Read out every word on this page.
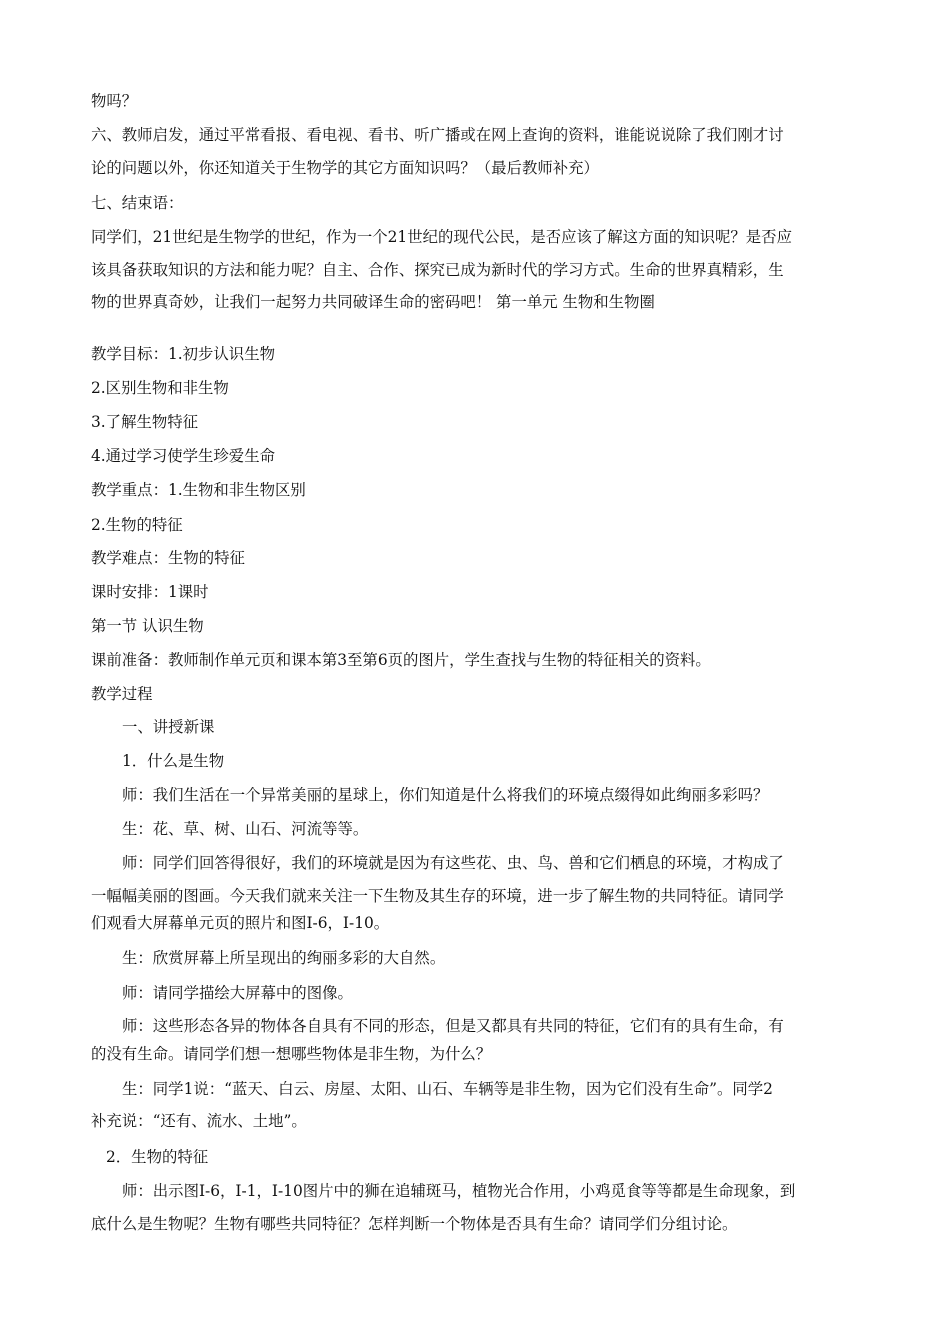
物吗？

六、教师启发，通过平常看报、看电视、看书、听广播或在网上查询的资料，谁能说说除了我们刚才讨

论的问题以外，你还知道关于生物学的其它方面知识吗？（最后教师补充）

七、结束语：

同学们，21世纪是生物学的世纪，作为一个21世纪的现代公民，是否应该了解这方面的知识呢？是否应

该具备获取知识的方法和能力呢？自主、合作、探究已成为新时代的学习方式。生命的世界真精彩，生

物的世界真奇妙，让我们一起努力共同破译生命的密码吧！ 第一单元 生物和生物圈

教学目标：1.初步认识生物

2.区别生物和非生物

3.了解生物特征

4.通过学习使学生珍爱生命

教学重点：1.生物和非生物区别

2.生物的特征

教学难点：生物的特征

课时安排：1课时

第一节 认识生物

课前准备：教师制作单元页和课本第3至第6页的图片，学生查找与生物的特征相关的资料。

教学过程

一、讲授新课

1．什么是生物

师：我们生活在一个异常美丽的星球上，你们知道是什么将我们的环境点缀得如此绚丽多彩吗？

生：花、草、树、山石、河流等等。

师：同学们回答得很好，我们的环境就是因为有这些花、虫、鸟、兽和它们栖息的环境，才构成了

一幅幅美丽的图画。今天我们就来关注一下生物及其生存的环境，进一步了解生物的共同特征。请同学

们观看大屏幕单元页的照片和图I-6，I-10。

生：欣赏屏幕上所呈现出的绚丽多彩的大自然。

师：请同学描绘大屏幕中的图像。

师：这些形态各异的物体各自具有不同的形态，但是又都具有共同的特征，它们有的具有生命，有

的没有生命。请同学们想一想哪些物体是非生物，为什么？

生：同学1说：“蓝天、白云、房屋、太阳、山石、车辆等是非生物，因为它们没有生命”。同学2

补充说：“还有、流水、土地”。

2．生物的特征

师：出示图I-6，I-1，I-10图片中的狮在追辅斑马，植物光合作用，小鸡觅食等等都是生命现象，到

底什么是生物呢？生物有哪些共同特征？怎样判断一个物体是否具有生命？请同学们分组讨论。
